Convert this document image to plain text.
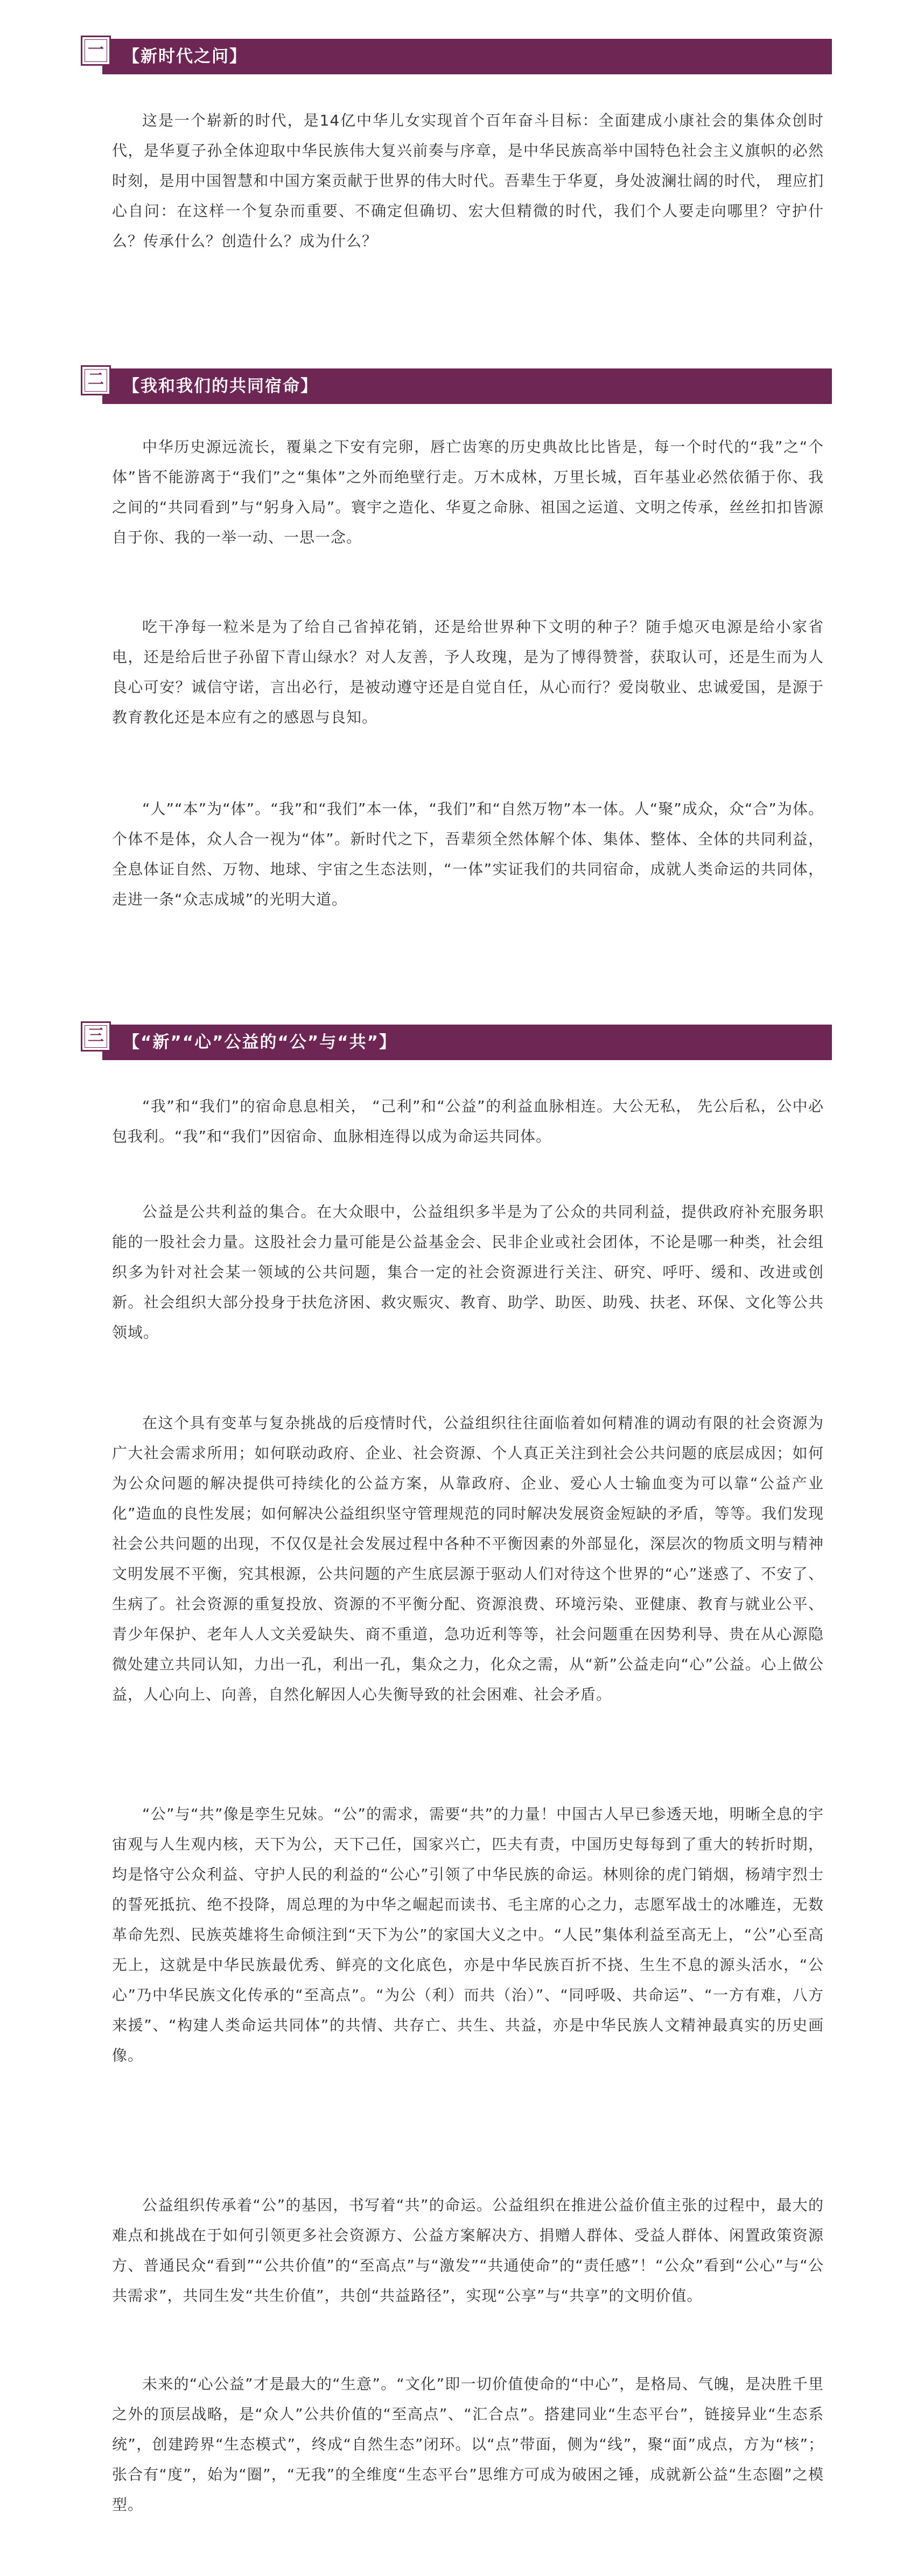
一	【新时代之问】

这是一个崭新的时代，是14亿中华儿女实现首个百年奋斗目标：全面建成小康社会的集体众创时代，是华夏子孙全体迎取中华民族伟大复兴前奏与序章，是中华民族高举中国特色社会主义旗帜的必然时刻，是用中国智慧和中国方案贡献于世界的伟大时代。吾辈生于华夏，身处波澜壮阔的时代， 理应扪心自问：在这样一个复杂而重要、不确定但确切、宏大但精微的时代，我们个人要走向哪里？守护什么？传承什么？创造什么？成为什么？

二	【我和我们的共同宿命】

中华历史源远流长，覆巢之下安有完卵，唇亡齿寒的历史典故比比皆是，每一个时代的“我”之“个体”皆不能游离于“我们”之“集体”之外而绝壁行走。万木成林，万里长城，百年基业必然依循于你、我之间的“共同看到”与“躬身入局”。寰宇之造化、华夏之命脉、祖国之运道、文明之传承，丝丝扣扣皆源自于你、我的一举一动、一思一念。

吃干净每一粒米是为了给自己省掉花销，还是给世界种下文明的种子？随手熄灭电源是给小家省电，还是给后世子孙留下青山绿水？对人友善，予人玫瑰，是为了博得赞誉，获取认可，还是生而为人良心可安？诚信守诺，言出必行，是被动遵守还是自觉自任，从心而行？爱岗敬业、忠诚爱国，是源于教育教化还是本应有之的感恩与良知。

“人”“本”为“体”。“我”和“我们”本一体，“我们”和“自然万物”本一体。人“聚”成众，众“合”为体。个体不是体，众人合一视为“体”。新时代之下，吾辈须全然体解个体、集体、整体、全体的共同利益，全息体证自然、万物、地球、宇宙之生态法则，“一体”实证我们的共同宿命，成就人类命运的共同体，走进一条“众志成城”的光明大道。

三	【“新”“心”公益的“公”与“共”】

“我”和“我们”的宿命息息相关， “己利”和“公益”的利益血脉相连。大公无私， 先公后私，公中必包我利。“我”和“我们”因宿命、血脉相连得以成为命运共同体。

公益是公共利益的集合。在大众眼中，公益组织多半是为了公众的共同利益，提供政府补充服务职能的一股社会力量。这股社会力量可能是公益基金会、民非企业或社会团体，不论是哪一种类，社会组织多为针对社会某一领域的公共问题，集合一定的社会资源进行关注、研究、呼吁、缓和、改进或创新。社会组织大部分投身于扶危济困、救灾赈灾、教育、助学、助医、助残、扶老、环保、文化等公共领域。

在这个具有变革与复杂挑战的后疫情时代，公益组织往往面临着如何精准的调动有限的社会资源为广大社会需求所用；如何联动政府、企业、社会资源、个人真正关注到社会公共问题的底层成因；如何为公众问题的解决提供可持续化的公益方案，从靠政府、企业、爱心人士输血变为可以靠“公益产业化”造血的良性发展；如何解决公益组织坚守管理规范的同时解决发展资金短缺的矛盾，等等。我们发现社会公共问题的出现，不仅仅是社会发展过程中各种不平衡因素的外部显化，深层次的物质文明与精神文明发展不平衡，究其根源，公共问题的产生底层源于驱动人们对待这个世界的“心”迷惑了、不安了、生病了。社会资源的重复投放、资源的不平衡分配、资源浪费、环境污染、亚健康、教育与就业公平、青少年保护、老年人人文关爱缺失、商不重道，急功近利等等，社会问题重在因势利导、贵在从心源隐微处建立共同认知，力出一孔，利出一孔，集众之力，化众之需，从“新”公益走向“心”公益。心上做公益，人心向上、向善，自然化解因人心失衡导致的社会困难、社会矛盾。

“公”与“共”像是孪生兄妹。“公”的需求，需要“共”的力量！中国古人早已参透天地，明晰全息的宇宙观与人生观内核，天下为公，天下己任，国家兴亡，匹夫有责，中国历史每每到了重大的转折时期，均是恪守公众利益、守护人民的利益的“公心”引领了中华民族的命运。林则徐的虎门销烟，杨靖宇烈士的誓死抵抗、绝不投降，周总理的为中华之崛起而读书、毛主席的心之力，志愿军战士的冰雕连，无数革命先烈、民族英雄将生命倾注到“天下为公”的家国大义之中。“人民”集体利益至高无上，“公”心至高无上，这就是中华民族最优秀、鲜亮的文化底色，亦是中华民族百折不挠、生生不息的源头活水，“公心”乃中华民族文化传承的“至高点”。“为公（利）而共（治）”、“同呼吸、共命运”、“一方有难，八方来援”、“构建人类命运共同体”的共情、共存亡、共生、共益，亦是中华民族人文精神最真实的历史画像。

公益组织传承着“公”的基因，书写着“共”的命运。公益组织在推进公益价值主张的过程中，最大的难点和挑战在于如何引领更多社会资源方、公益方案解决方、捐赠人群体、受益人群体、闲置政策资源方、普通民众“看到”“公共价值”的“至高点”与“激发”“共通使命”的“责任感”！“公众”看到“公心”与“公共需求”，共同生发“共生价值”，共创“共益路径”，实现“公享”与“共享”的文明价值。

未来的“心公益”才是最大的“生意”。“文化”即一切价值使命的“中心”，是格局、气魄，是决胜千里之外的顶层战略，是“众人”公共价值的“至高点”、“汇合点”。搭建同业“生态平台”，链接异业“生态系统”，创建跨界“生态模式”，终成“自然生态”闭环。以“点”带面，侧为“线”，聚“面”成点，方为“核”；张合有“度”，始为“圈”，“无我”的全维度“生态平台”思维方可成为破困之锤，成就新公益“生态圈”之模型。
